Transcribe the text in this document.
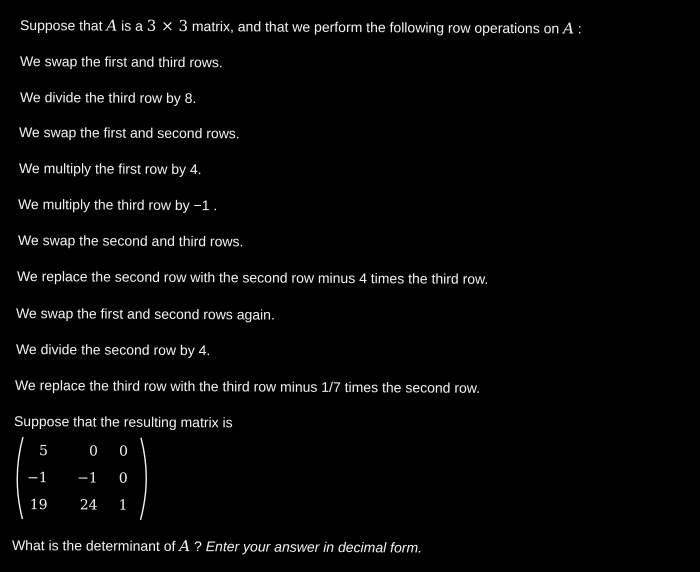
Suppose that A is a 3 × 3 matrix, and that we perform the following row operations on A :
We swap the first and third rows.
We divide the third row by 8.
We swap the first and second rows.
We multiply the first row by 4.
We multiply the third row by −1 .
We swap the second and third rows.
We replace the second row with the second row minus 4 times the third row.
We swap the first and second rows again.
We divide the second row by 4.
We replace the third row with the third row minus 1/7 times the second row.
Suppose that the resulting matrix is
5	0	0
−1	−1	0
19	24	1
What is the determinant of A ? Enter your answer in decimal form.
